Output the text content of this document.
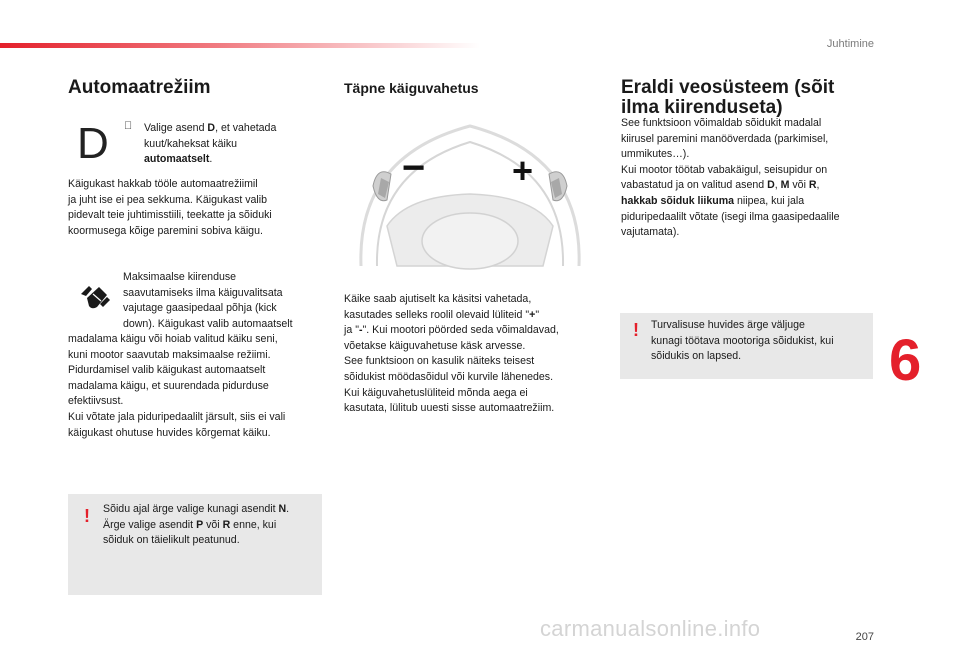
Juhtimine
Automaatrežiim
D	Valige asend D, et vahetada
kuut/kaheksat käiku
automaatselt.
Käigukast hakkab tööle automaatrežiimil
ja juht ise ei pea sekkuma. Käigukast valib
pidevalt teie juhtimisstiili, teekatte ja sõiduki
koormusega kõige paremini sobiva käigu.
Maksimaalse kiirenduse
saavutamiseks ilma käiguvalitsata
vajutage gaasipedaal põhja (kick
down). Käigukast valib automaatselt
madalama käigu või hoiab valitud käiku seni,
kuni mootor saavutab maksimaalse režiimi.
Pidurdamisel valib käigukast automaatselt
madalama käigu, et suurendada pidurduse
efektiivsust.
Kui võtate jala piduripedaalilt järsult, siis ei vali
käigukast ohutuse huvides kõrgemat käiku.
! Sõidu ajal ärge valige kunagi asendit N.
Ärge valige asendit P või R enne, kui
sõiduk on täielikult peatunud.
Täpne käiguvahetus
− +
Käike saab ajutiselt ka käsitsi vahetada,
kasutades selleks roolil olevaid lüliteid "+"
ja "-". Kui mootori pöörded seda võimaldavad,
võetakse käiguvahetuse käsk arvesse.
See funktsioon on kasulik näiteks teisest
sõidukist möödasõidul või kurvile lähenedes.
Kui käiguvahetuslüliteid mõnda aega ei
kasutata, lülitub uuesti sisse automaatrežiim.
Eraldi veosüsteem (sõit
ilma kiirenduseta)
See funktsioon võimaldab sõidukit madalal
kiirusel paremini manööverdada (parkimisel,
ummikutes…).
Kui mootor töötab vabakäigul, seisupidur on
vabastatud ja on valitud asend D, M või R,
hakkab sõiduk liikuma niipea, kui jala
piduripedaalilt võtate (isegi ilma gaasipedaalile
vajutamata).
! Turvalisuse huvides ärge väljuge
kunagi töötava mootoriga sõidukist, kui
sõidukis on lapsed.	6
207
carmanualsonline.info
